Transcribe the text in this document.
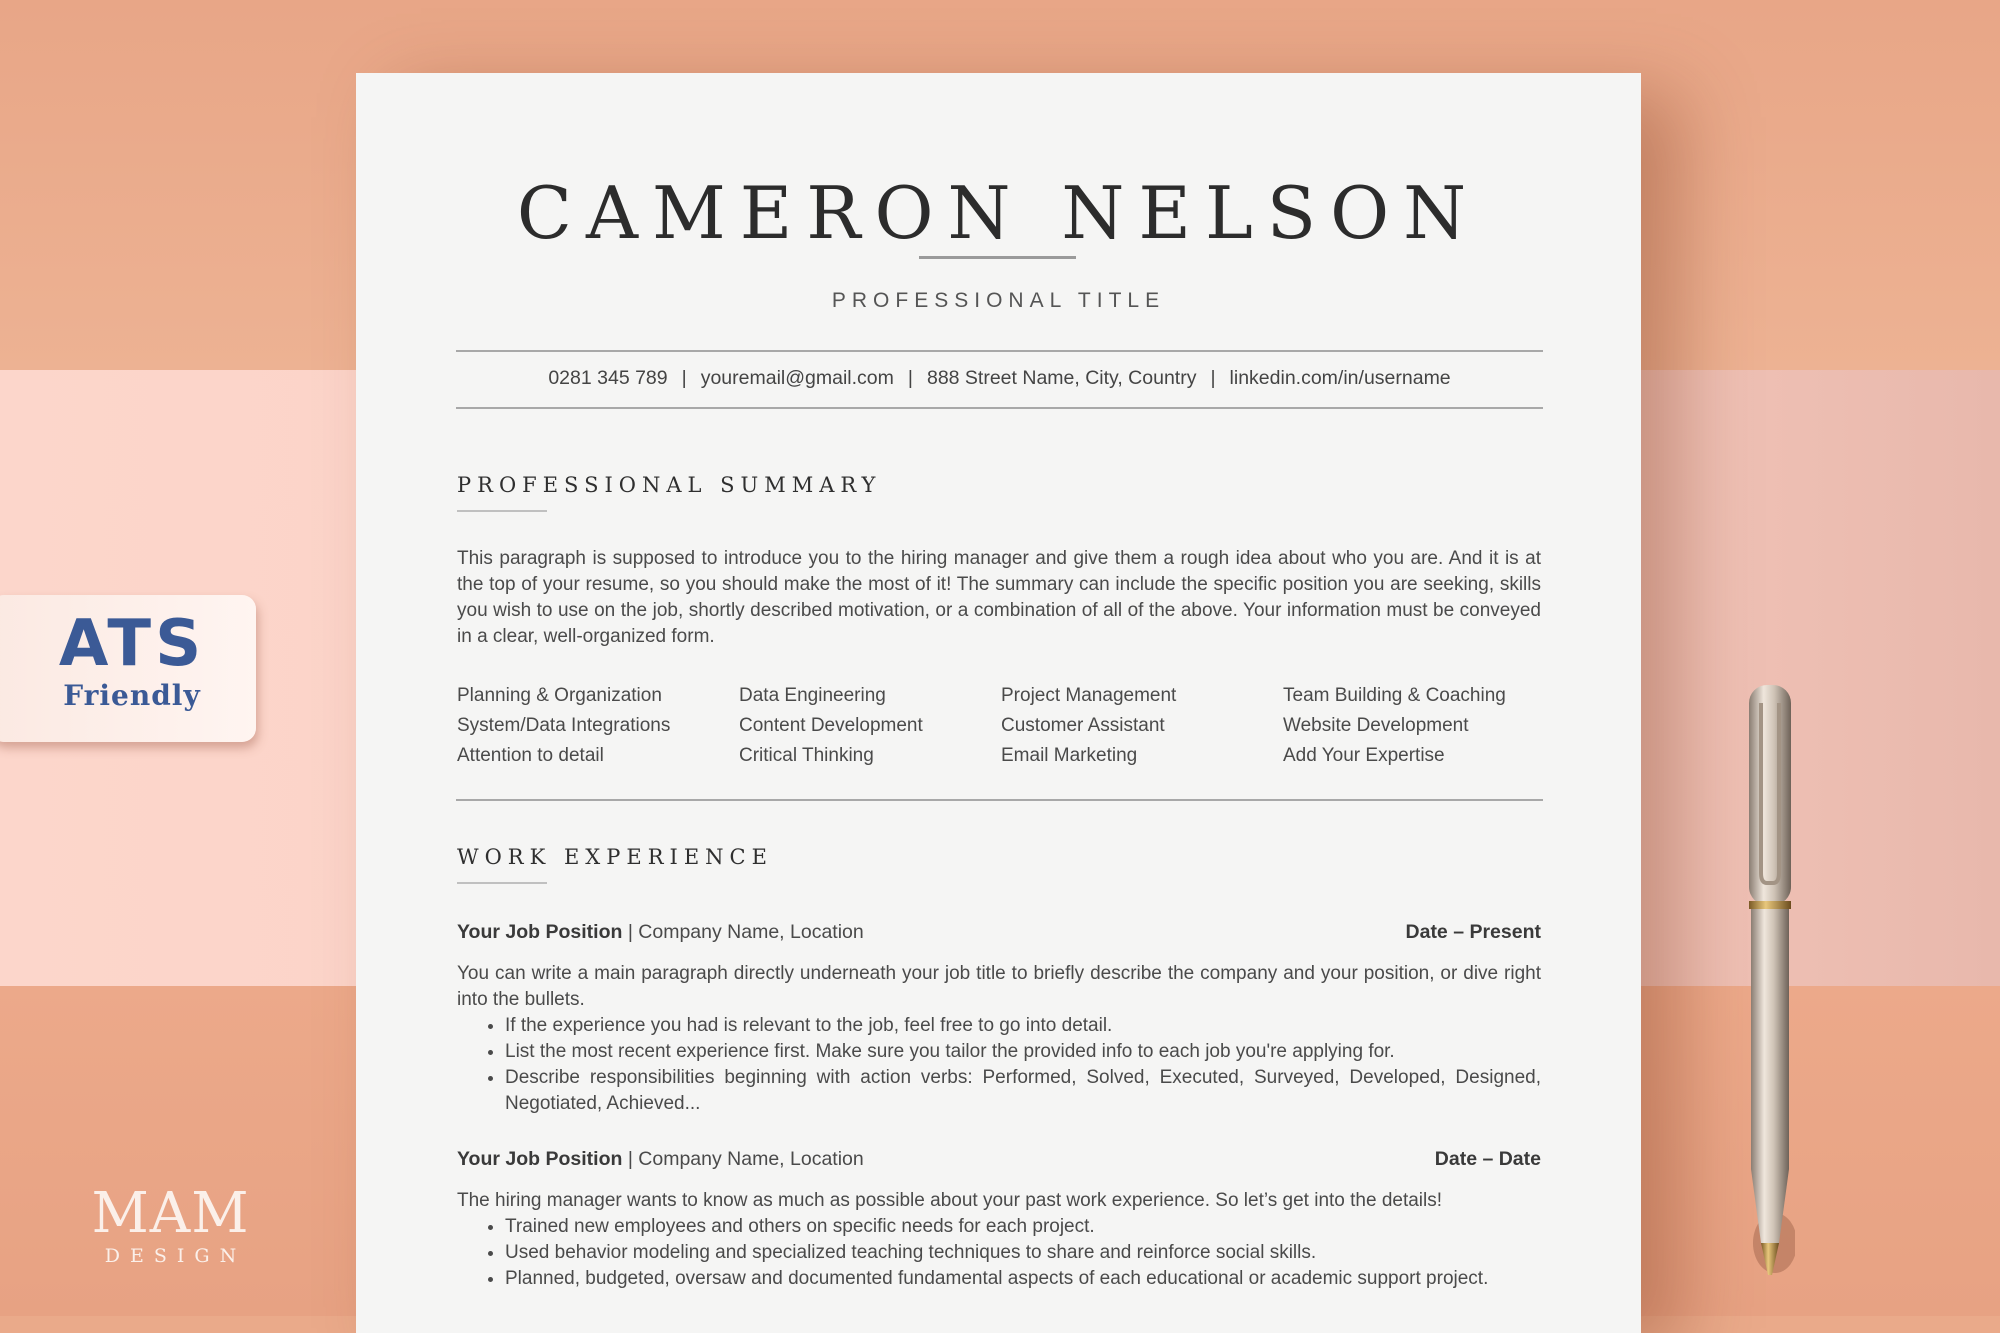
CAMERON NELSON
PROFESSIONAL TITLE
0281 345 789 | youremail@gmail.com | 888 Street Name, City, Country | linkedin.com/in/username
PROFESSIONAL SUMMARY

This paragraph is supposed to introduce you to the hiring manager and give them a rough idea about who you are. And it is at the top of your resume, so you should make the most of it! The summary can include the specific position you are seeking, skills you wish to use on the job, shortly described motivation, or a combination of all of the above. Your information must be conveyed in a clear, well-organized form.

Planning & Organization	Data Engineering	Project Management	Team Building & Coaching
System/Data Integrations	Content Development	Customer Assistant	Website Development
Attention to detail	Critical Thinking	Email Marketing	Add Your Expertise
WORK EXPERIENCE
Your Job Position | Company Name, Location	Date – Present

You can write a main paragraph directly underneath your job title to briefly describe the company and your position, or dive right into the bullets.

• If the experience you had is relevant to the job, feel free to go into detail.
• List the most recent experience first. Make sure you tailor the provided info to each job you're applying for.
• Describe responsibilities beginning with action verbs: Performed, Solved, Executed, Surveyed, Developed, Designed, Negotiated, Achieved...
Your Job Position | Company Name, Location	Date – Date

The hiring manager wants to know as much as possible about your past work experience. So let’s get into the details!

• Trained new employees and others on specific needs for each project.
• Used behavior modeling and specialized teaching techniques to share and reinforce social skills.
• Planned, budgeted, oversaw and documented fundamental aspects of each educational or academic support project.
ATS
Friendly
MAM
DESIGN
